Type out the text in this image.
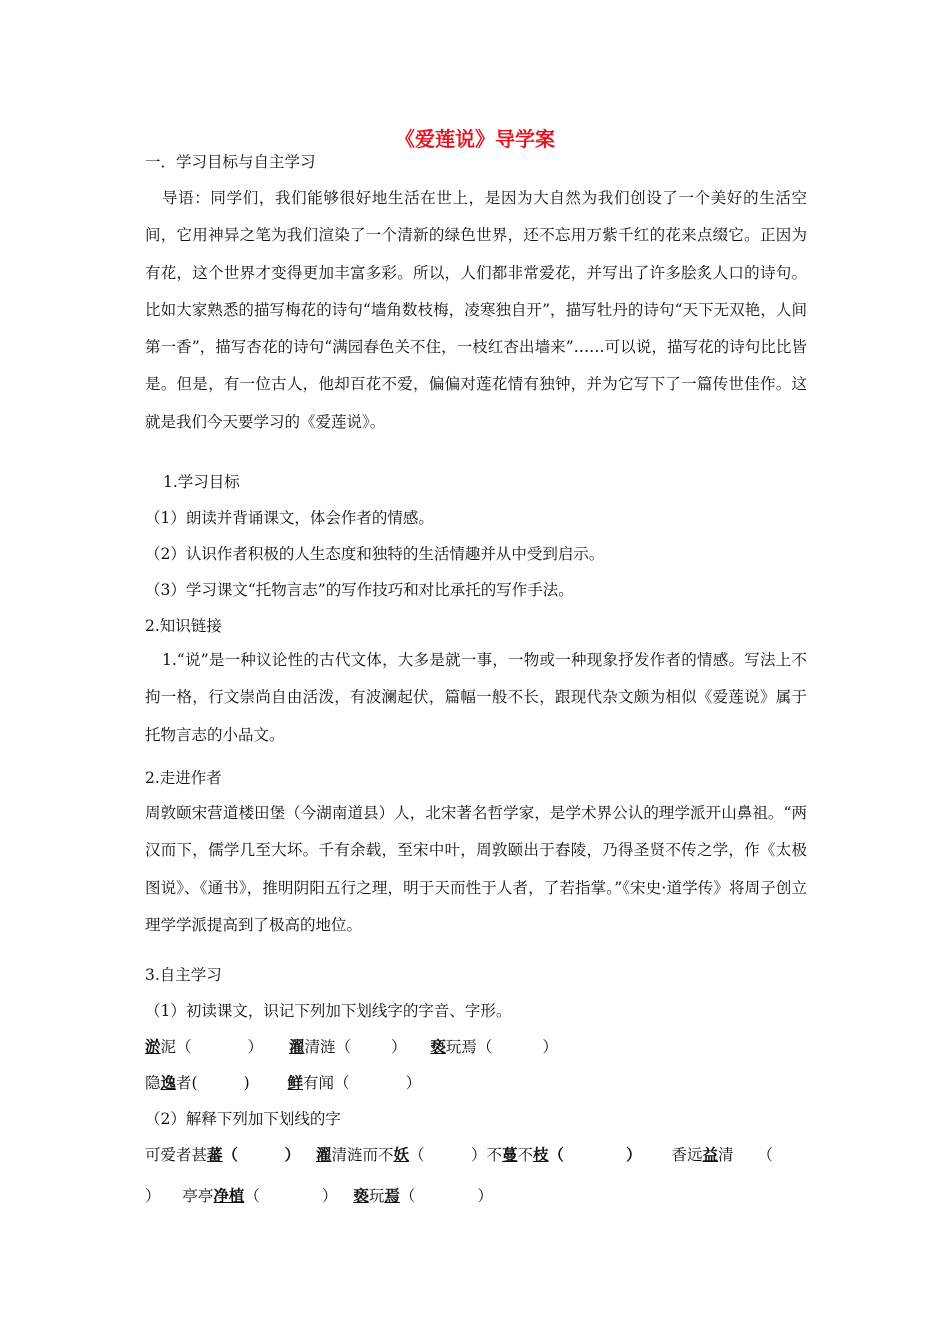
《爱莲说》导学案
一．学习目标与自主学习
导语：同学们，我们能够很好地生活在世上，是因为大自然为我们创设了一个美好的生活空间，它用神异之笔为我们渲染了一个清新的绿色世界，还不忘用万紫千红的花来点缀它。正因为有花，这个世界才变得更加丰富多彩。所以，人们都非常爱花，并写出了许多脍炙人口的诗句。比如大家熟悉的描写梅花的诗句“墙角数枝梅，凌寒独自开”，描写牡丹的诗句“天下无双艳，人间第一香”，描写杏花的诗句“满园春色关不住，一枝红杏出墙来”……可以说，描写花的诗句比比皆是。但是，有一位古人，他却百花不爱，偏偏对莲花情有独钟，并为它写下了一篇传世佳作。这就是我们今天要学习的《爱莲说》。
1.学习目标
（1）朗读并背诵课文，体会作者的情感。
（2）认识作者积极的人生态度和独特的生活情趣并从中受到启示。
（3）学习课文“托物言志”的写作技巧和对比承托的写作手法。
2.知识链接
1.“说”是一种议论性的古代文体，大多是就一事，一物或一种现象抒发作者的情感。写法上不拘一格，行文崇尚自由活泼，有波澜起伏，篇幅一般不长，跟现代杂文颇为相似《爱莲说》属于托物言志的小品文。
2.走进作者
周敦颐宋营道楼田堡（今湖南道县）人，北宋著名哲学家，是学术界公认的理学派开山鼻祖。“两汉而下，儒学几至大坏。千有余载，至宋中叶，周敦颐出于舂陵，乃得圣贤不传之学，作《太极图说》、《通书》，推明阴阳五行之理，明于天而性于人者，了若指掌。”《宋史·道学传》将周子创立理学学派提高到了极高的地位。
3.自主学习
（1）初读课文，识记下列加下划线字的字音、字形。
淤泥（	） 濯清涟（	） 亵玩焉（	）
隐逸者(	) 鲜有闻（	）
（2）解释下列加下划线的字
可爱者甚蕃（　　　） 濯清涟而不妖（　　　）不蔓不枝（　　　　） 香远益清 （
） 亭亭净植（　　　　） 亵玩焉（　　　　）
